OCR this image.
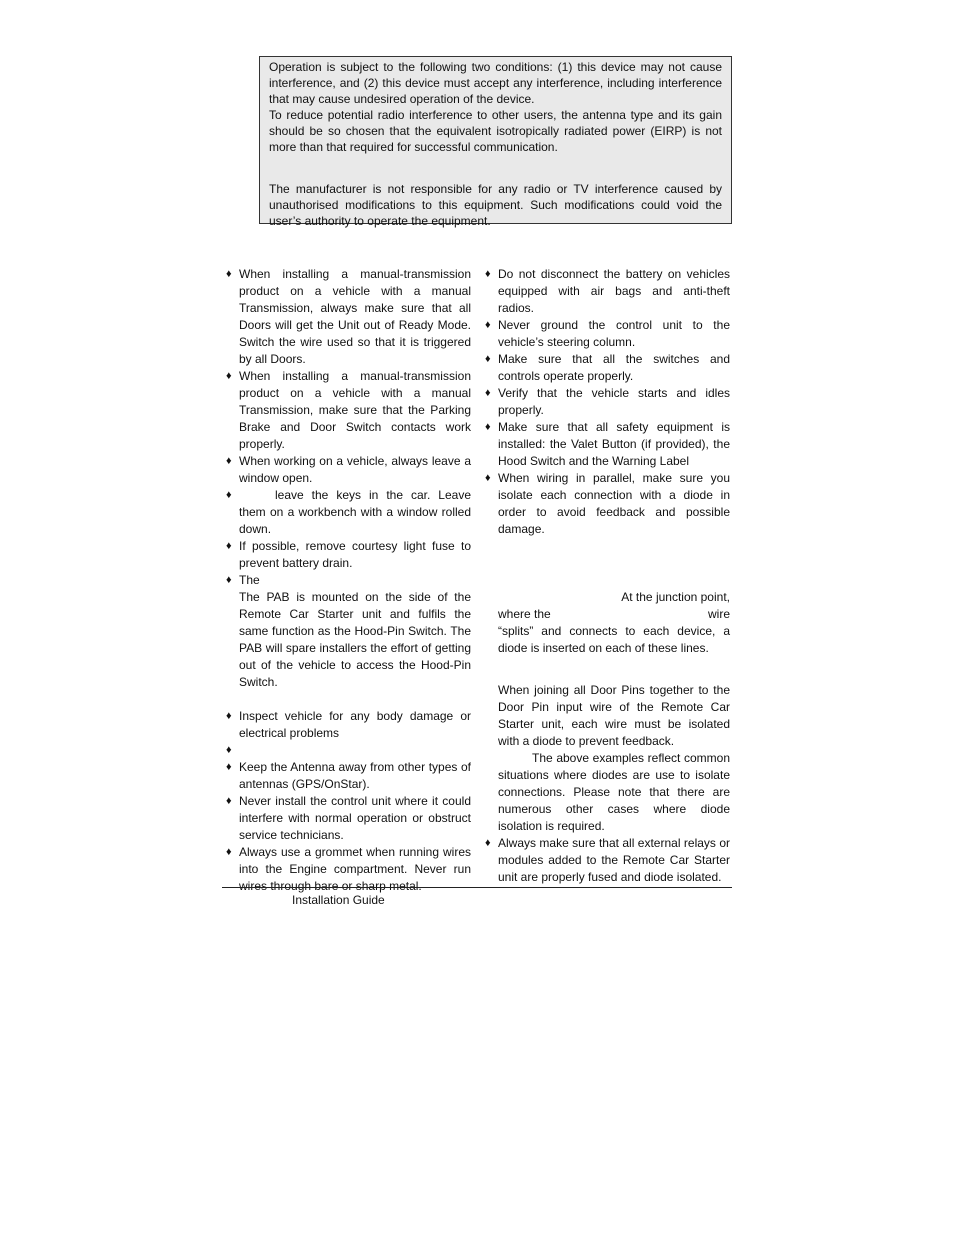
Operation is subject to the following two conditions: (1) this device may not cause interference, and (2) this device must accept any interference, including interference that may cause undesired operation of the device.

To reduce potential radio interference to other users, the antenna type and its gain should be so chosen that the equivalent isotropically radiated power (EIRP) is not more than that required for successful communication.

The manufacturer is not responsible for any radio or TV interference caused by unauthorised modifications to this equipment. Such modifications could void the user’s authority to operate the equipment.

♦ When installing a manual-transmission product on a vehicle with a manual Transmission, always make sure that all Doors will get the Unit out of Ready Mode. Switch the wire used so that it is triggered by all Doors.
♦ When installing a manual-transmission product on a vehicle with a manual Transmission, make sure that the Parking Brake and Door Switch contacts work properly.
♦ When working on a vehicle, always leave a window open.
♦	leave the keys in the car. Leave them on a workbench with a window rolled down.
♦ If possible, remove courtesy light fuse to prevent battery drain.
♦ The
The PAB is mounted on the side of the Remote Car Starter unit and fulfils the same function as the Hood-Pin Switch. The PAB will spare installers the effort of getting out of the vehicle to access the Hood-Pin Switch.
♦ Inspect vehicle for any body damage or electrical problems
♦
♦ Keep the Antenna away from other types of antennas (GPS/OnStar).
♦ Never install the control unit where it could interfere with normal operation or obstruct service technicians.
♦ Always use a grommet when running wires into the Engine compartment. Never run wires through bare or sharp metal.
♦ Do not disconnect the battery on vehicles equipped with air bags and anti-theft radios.
♦ Never ground the control unit to the vehicle’s steering column.
♦ Make sure that all the switches and controls operate properly.
♦ Verify that the vehicle starts and idles properly.
♦ Make sure that all safety equipment is installed: the Valet Button (if provided), the Hood Switch and the Warning Label
♦ When wiring in parallel, make sure you isolate each connection with a diode in order to avoid feedback and possible damage.
At the junction point,
where the	wire
“splits” and connects to each device, a diode is inserted on each of these lines.
When joining all Door Pins together to the Door Pin input wire of the Remote Car Starter unit, each wire must be isolated with a diode to prevent feedback.
The above examples reflect common situations where diodes are use to isolate connections. Please note that there are numerous other cases where diode isolation is required.
♦ Always make sure that all external relays or modules added to the Remote Car Starter unit are properly fused and diode isolated.
Installation Guide
